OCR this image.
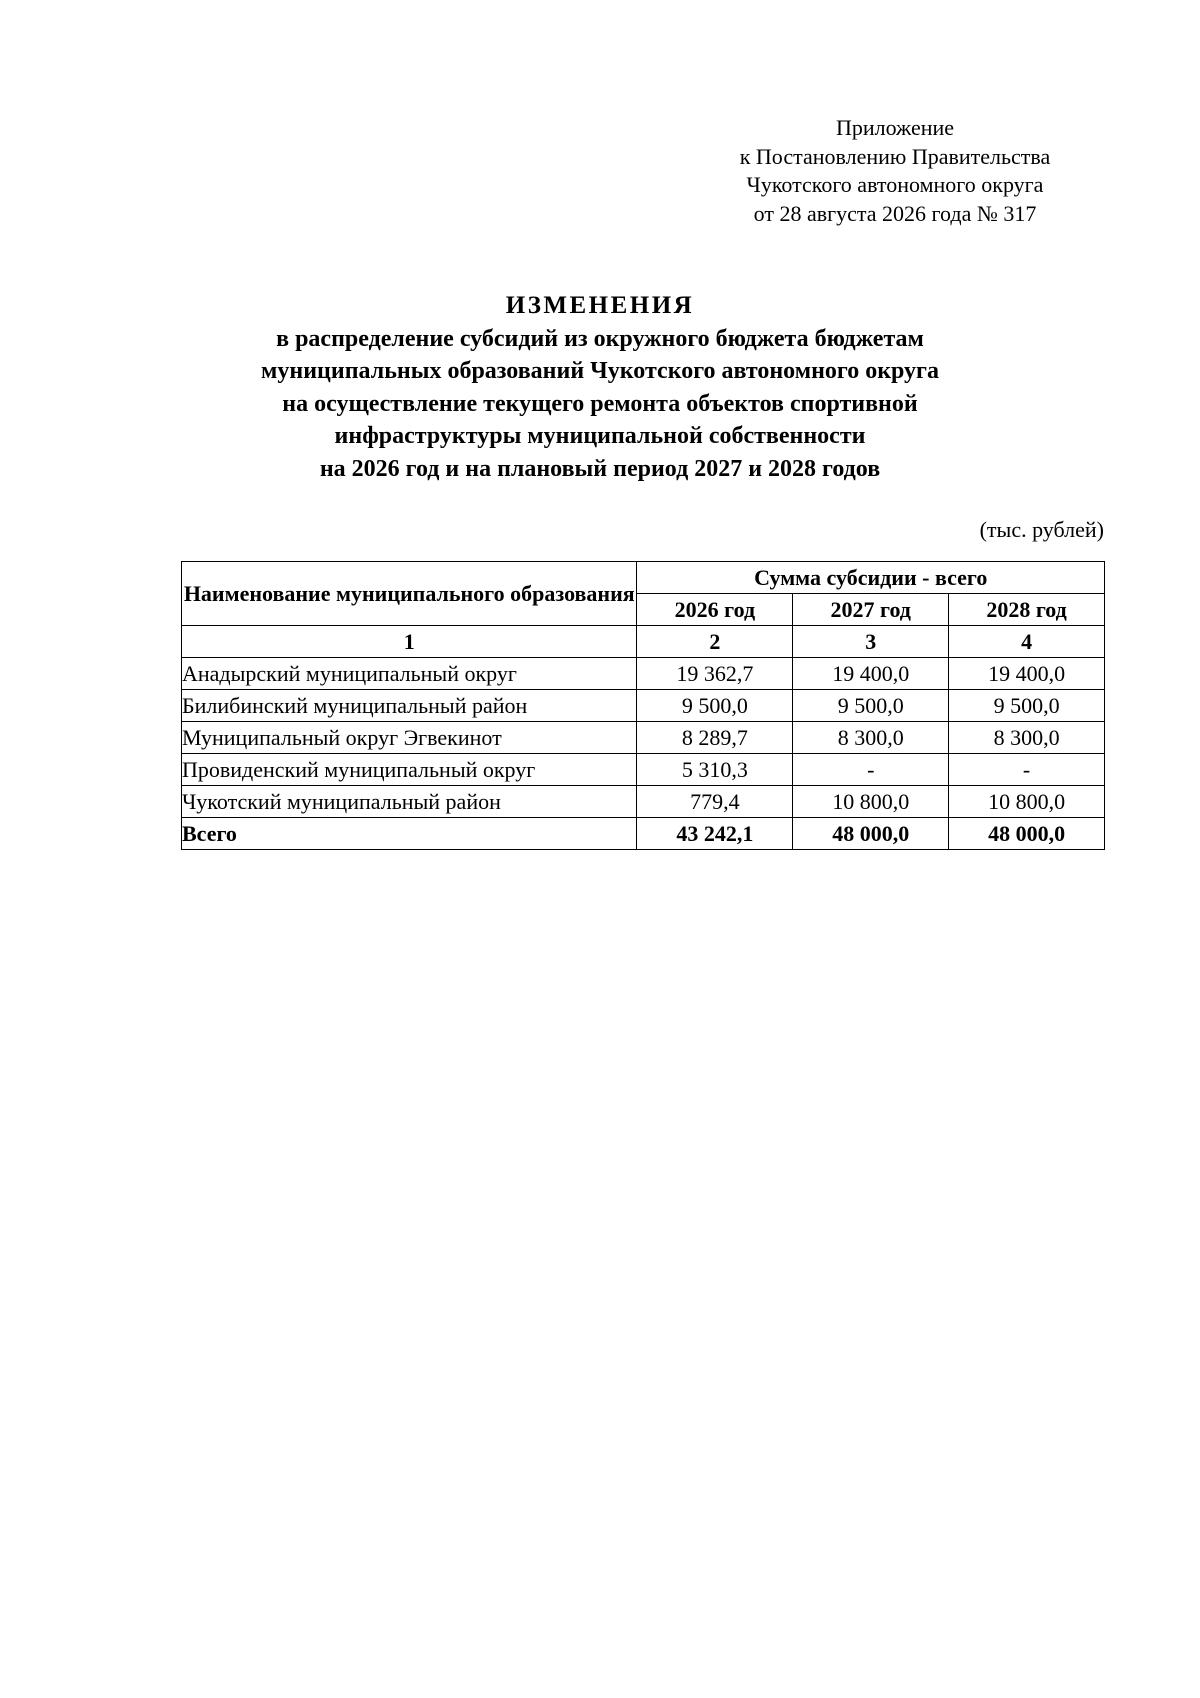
Приложение
к Постановлению Правительства
Чукотского автономного округа
от 28 августа 2026 года № 317
ИЗМЕНЕНИЯ
в распределение субсидий из окружного бюджета бюджетам
муниципальных образований Чукотского автономного округа
на осуществление текущего ремонта объектов спортивной
инфраструктуры муниципальной собственности
на 2026 год и на плановый период 2027 и 2028 годов
(тыс. рублей)
Наименование муниципального образования	Сумма субсидии - всего		
	2026 год	2027 год	2028 год
1	2	3	4
Анадырский муниципальный округ	19 362,7	19 400,0	19 400,0
Билибинский муниципальный район	9 500,0	9 500,0	9 500,0
Муниципальный округ Эгвекинот	8 289,7	8 300,0	8 300,0
Провиденский муниципальный округ	5 310,3	-	-
Чукотский муниципальный район	779,4	10 800,0	10 800,0
Всего	43 242,1	48 000,0	48 000,0
